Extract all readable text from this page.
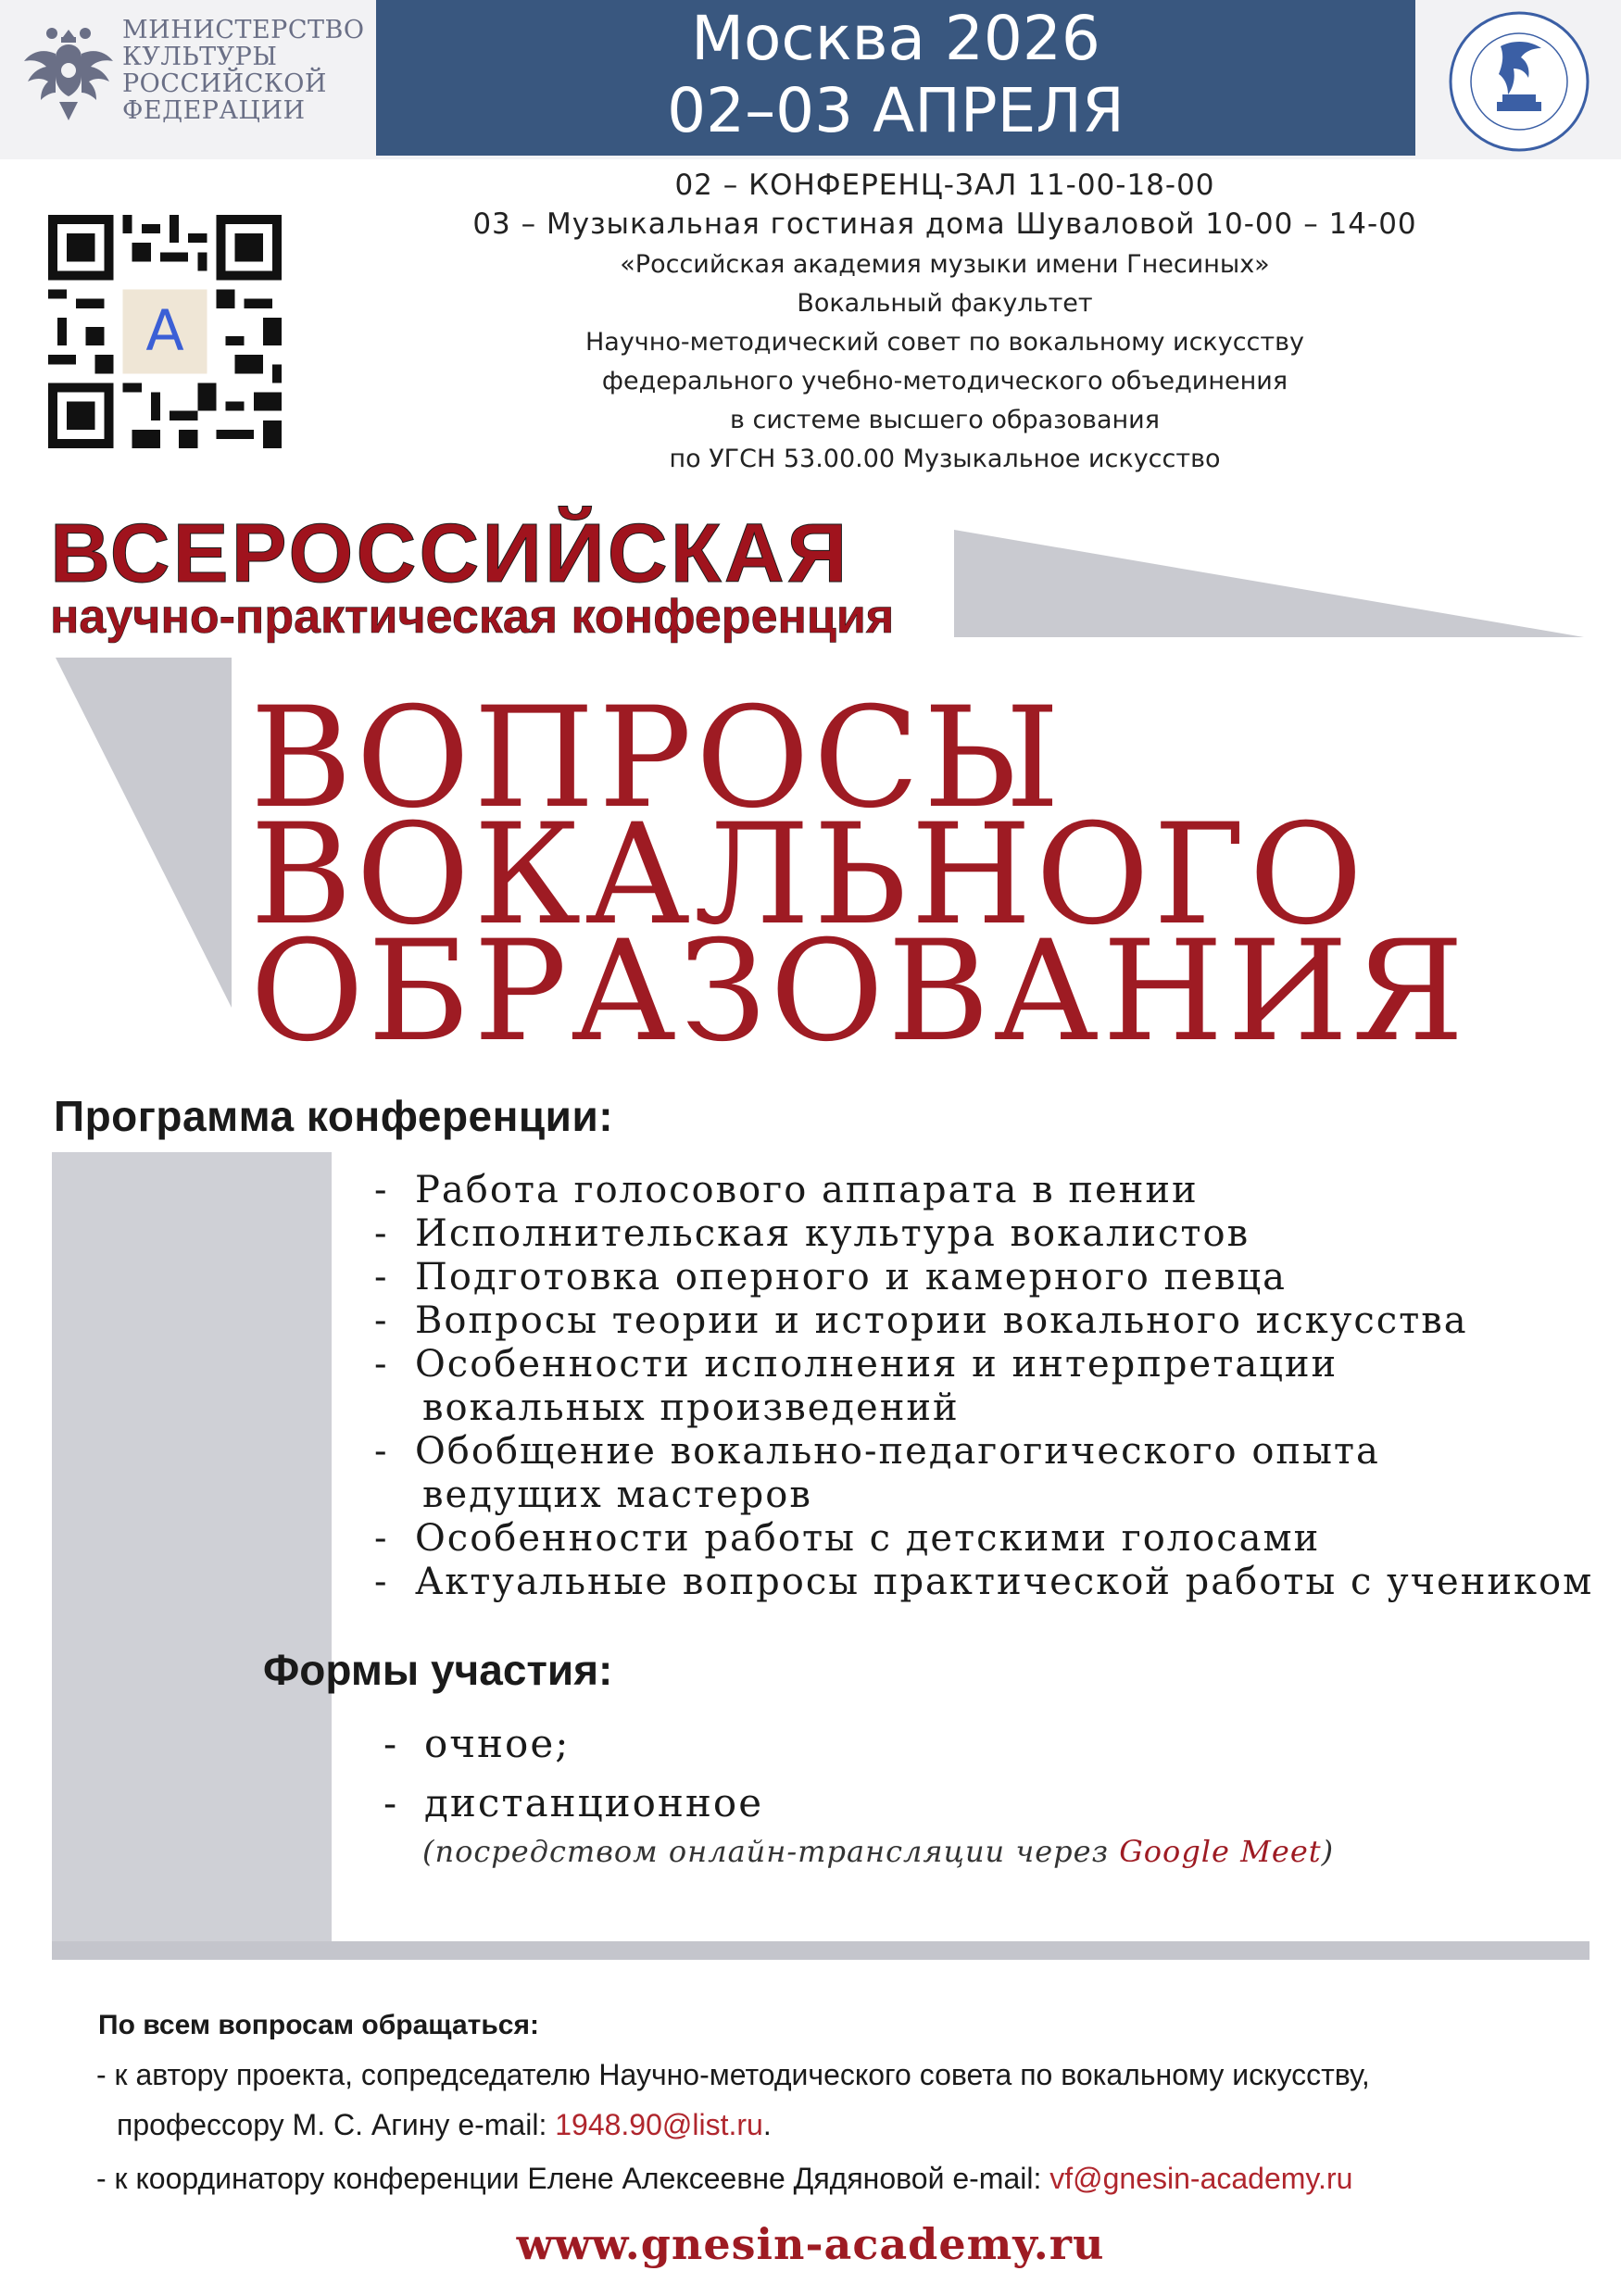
МИНИСТЕРСТВО
КУЛЬТУРЫ
РОССИЙСКОЙ
ФЕДЕРАЦИИ
Москва 2026
02–03 АПРЕЛЯ
A
02 – КОНФЕРЕНЦ-ЗАЛ 11-00-18-00
03 – Музыкальная гостиная дома Шуваловой 10-00 – 14-00
«Российская академия музыки имени Гнесиных»
Вокальный факультет
Научно-методический совет по вокальному искусству
федерального учебно-методического объединения
в системе высшего образования
по УГСН 53.00.00 Музыкальное искусство
ВСЕРОССИЙСКАЯ
научно-практическая конференция
ВОПРОСЫ
ВОКАЛЬНОГО
ОБРАЗОВАНИЯ
Программа конференции:
- Работа голосового аппарата в пении
- Исполнительская культура вокалистов
- Подготовка оперного и камерного певца
- Вопросы теории и истории вокального искусства
- Особенности исполнения и интерпретации
вокальных произведений
- Обобщение вокально-педагогического опыта
ведущих мастеров
- Особенности работы с детскими голосами
- Актуальные вопросы практической работы с учеником
Формы участия:
- очное;
- дистанционное
(посредством онлайн-трансляции через Google Meet)
По всем вопросам обращаться:
- к автору проекта, сопредседателю Научно-методического совета по вокальному искусству,
профессору М. С. Агину e-mail: 1948.90@list.ru.
- к координатору конференции Елене Алексеевне Дядяновой e-mail: vf@gnesin-academy.ru
www.gnesin-academy.ru
